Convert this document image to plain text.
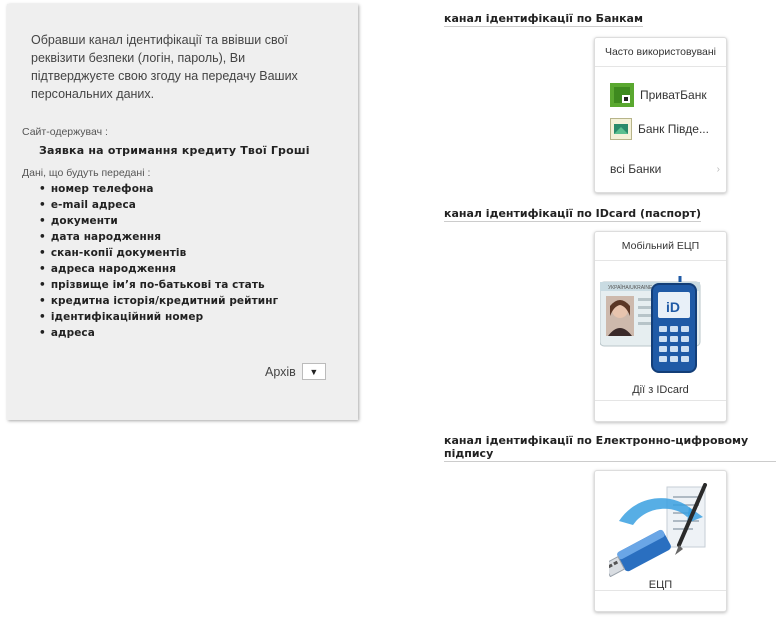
Обравши канал ідентифікації та ввівши свої реквізити безпеки (логін, пароль), Ви підтверджуєте свою згоду на передачу Ваших персональних даних.

Сайт-одержувач :

Заявка на отримання кредиту Твої Гроші

Дані, що будуть передані :

• номер телефона
• e-mail адреса
• документи
• дата народження
• скан-копії документів
• адреса народження
• прізвище ім’я по-батькові та стать
• кредитна історія/кредитний рейтинг
• ідентифікаційний номер
• адреса
Архів	▼

канал ідентифікації по Банкам

Часто використовувані
ПриватБанк
Банк Півде...
всі Банки	›

канал ідентифікації по IDcard (паспорт)

Мобільний ЕЦП
УКРАЇНА/UKRAINE
iD
Дії з IDcard

канал ідентифікації по Електронно-цифровому підпису

ЕЦП
